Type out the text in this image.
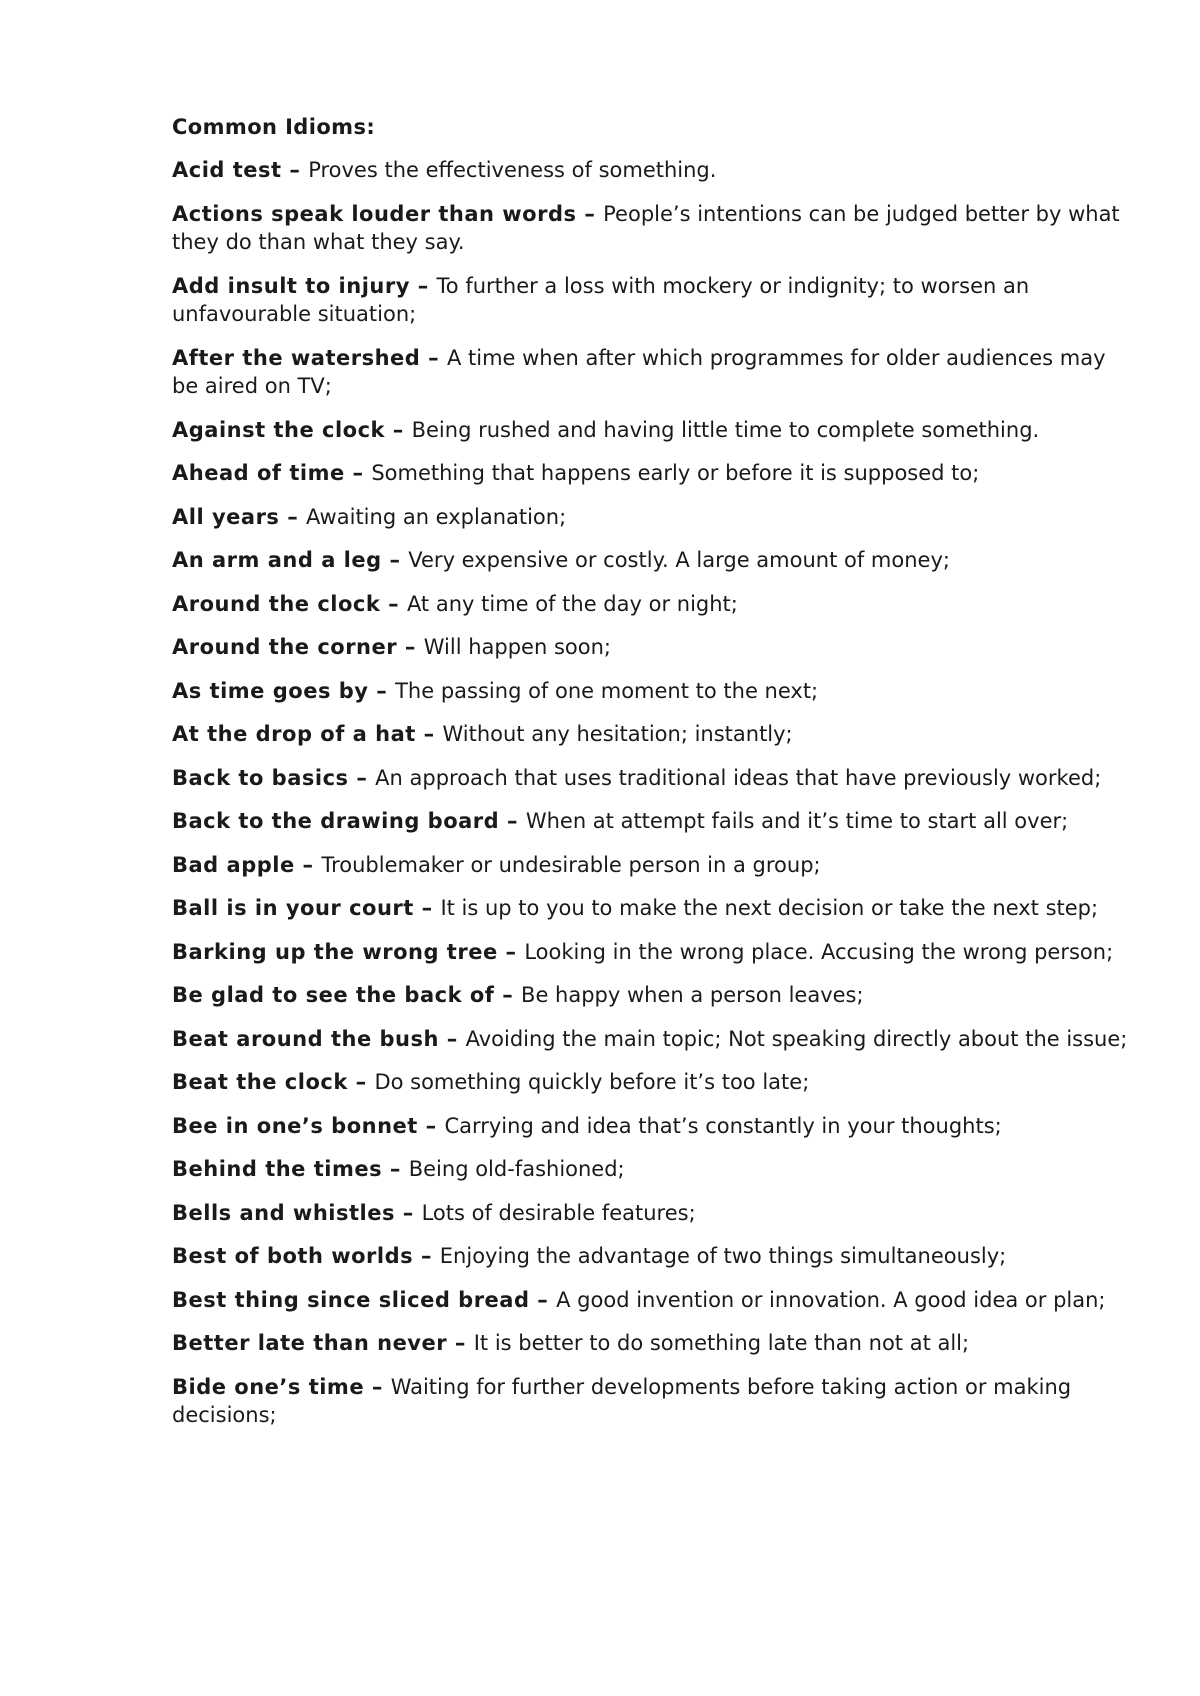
Common Idioms:

Acid test – Proves the effectiveness of something.

Actions speak louder than words – People’s intentions can be judged better by what they do than what they say.

Add insult to injury – To further a loss with mockery or indignity; to worsen an unfavourable situation;

After the watershed – A time when after which programmes for older audiences may be aired on TV;

Against the clock – Being rushed and having little time to complete something.

Ahead of time – Something that happens early or before it is supposed to;

All years – Awaiting an explanation;

An arm and a leg – Very expensive or costly. A large amount of money;

Around the clock – At any time of the day or night;

Around the corner – Will happen soon;

As time goes by – The passing of one moment to the next;

At the drop of a hat – Without any hesitation; instantly;

Back to basics – An approach that uses traditional ideas that have previously worked;

Back to the drawing board – When at attempt fails and it’s time to start all over;

Bad apple – Troublemaker or undesirable person in a group;

Ball is in your court – It is up to you to make the next decision or take the next step;

Barking up the wrong tree – Looking in the wrong place. Accusing the wrong person;

Be glad to see the back of – Be happy when a person leaves;

Beat around the bush – Avoiding the main topic; Not speaking directly about the issue;

Beat the clock – Do something quickly before it’s too late;

Bee in one’s bonnet – Carrying and idea that’s constantly in your thoughts;

Behind the times – Being old-fashioned;

Bells and whistles – Lots of desirable features;

Best of both worlds – Enjoying the advantage of two things simultaneously;

Best thing since sliced bread – A good invention or innovation. A good idea or plan;

Better late than never – It is better to do something late than not at all;

Bide one’s time – Waiting for further developments before taking action or making decisions;
